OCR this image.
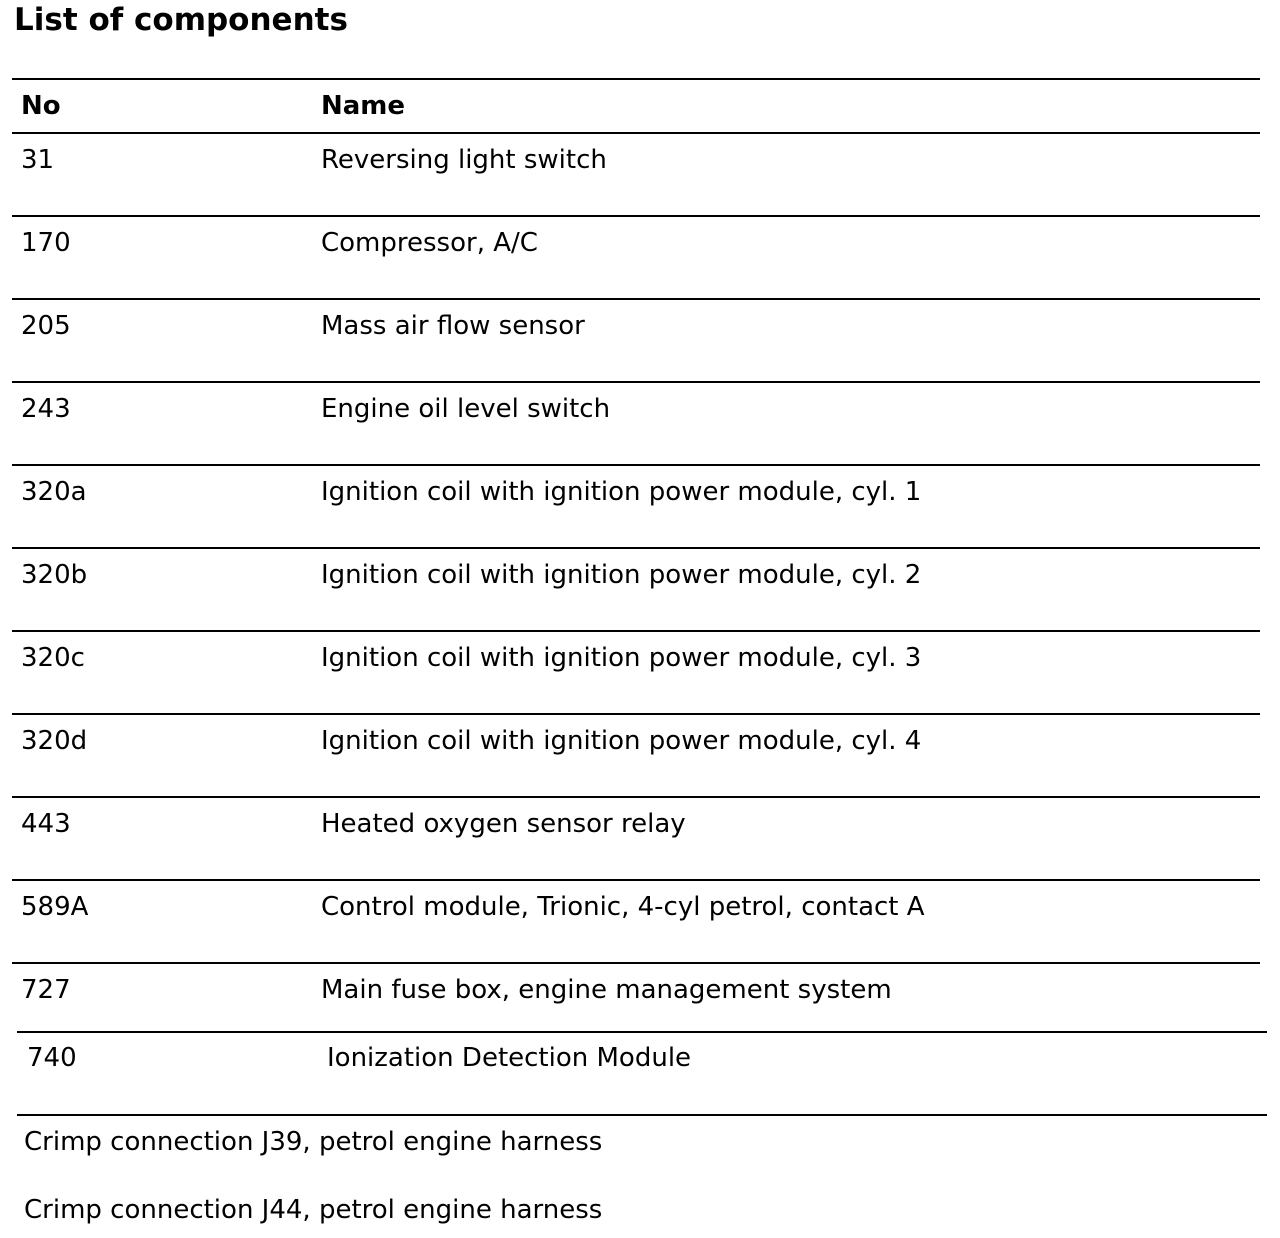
List of components
No	Name
31	Reversing light switch
170	Compressor, A/C
205	Mass air flow sensor
243	Engine oil level switch
320a	Ignition coil with ignition power module, cyl. 1
320b	Ignition coil with ignition power module, cyl. 2
320c	Ignition coil with ignition power module, cyl. 3
320d	Ignition coil with ignition power module, cyl. 4
443	Heated oxygen sensor relay
589A	Control module, Trionic, 4-cyl petrol, contact A
727	Main fuse box, engine management system
740	Ionization Detection Module
Crimp connection J39, petrol engine harness
Crimp connection J44, petrol engine harness
